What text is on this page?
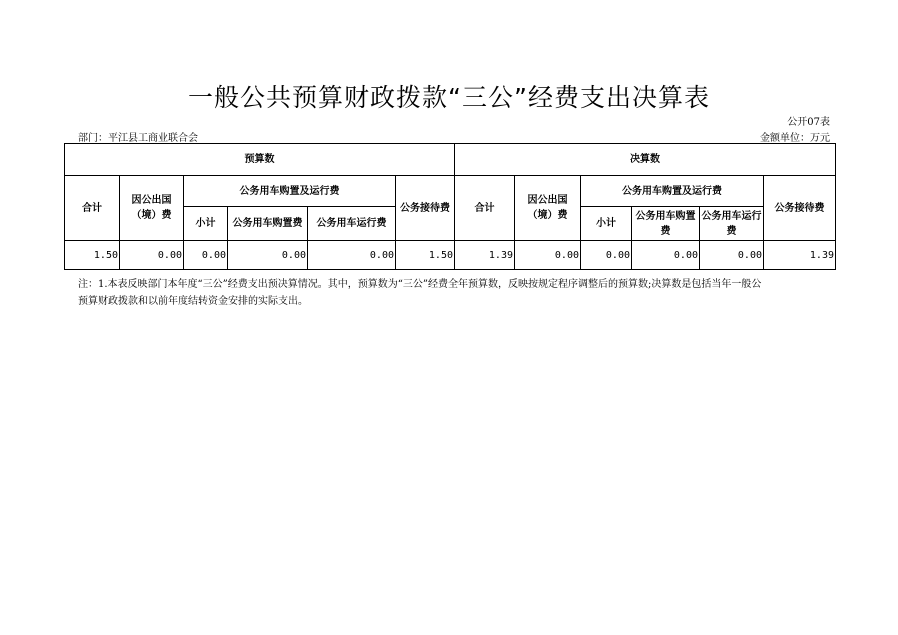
一般公共预算财政拨款“三公”经费支出决算表
公开07表
部门：平江县工商业联合会	金额单位：万元
预算数						决算数					
合计	因公出国（境）费	公务用车购置及运行费			公务接待费	合计	因公出国（境）费	公务用车购置及运行费			公务接待费
		小计	公务用车购置费	公务用车运行费				小计	公务用车购置费	公务用车运行费	
1.50	0.00	0.00	0.00	0.00	1.50	1.39	0.00	0.00	0.00	0.00	1.39
注：1.本表反映部门本年度“三公”经费支出预决算情况。其中，预算数为“三公”经费全年预算数，反映按规定程序调整后的预算数;决算数是包括当年一般公
预算财政拨款和以前年度结转资金安排的实际支出。
